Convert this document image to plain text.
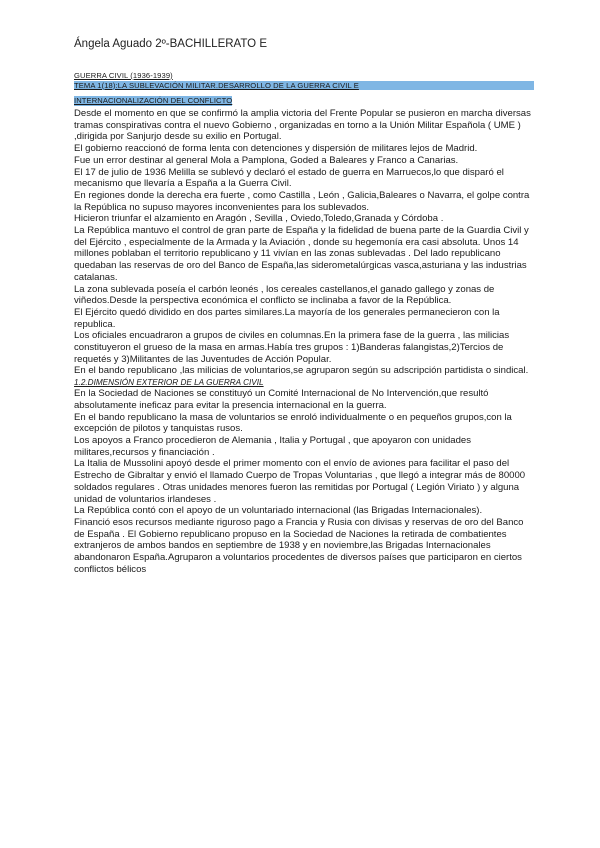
Ángela Aguado 2º-BACHILLERATO E
GUERRA CIVIL (1936-1939)
TEMA 1(18):LA SUBLEVACIÓN MILITAR.DESARROLLO DE LA GUERRA CIVIL E
INTERNACIONALIZACIÓN DEL CONFLICTO

Desde el momento en que se confirmó la amplia victoria del Frente Popular se pusieron en marcha diversas tramas conspirativas contra el nuevo Gobierno , organizadas en torno a la Unión Militar Española ( UME ) ,dirigida por Sanjurjo desde su exilio en Portugal.

El gobierno reaccionó de forma lenta con detenciones y dispersión de militares lejos de Madrid.

Fue un error destinar al general Mola a Pamplona, Goded a Baleares y Franco a Canarias.

El 17 de julio de 1936 Melilla se sublevó y declaró el estado de guerra en Marruecos,lo que disparó el mecanismo que llevaría a España a la Guerra Civil.

En regiones donde la derecha era fuerte , como Castilla , León , Galicia,Baleares o Navarra, el golpe contra la República no supuso mayores inconvenientes para los sublevados.

Hicieron triunfar el alzamiento en Aragón , Sevilla , Oviedo,Toledo,Granada y Córdoba .

La República mantuvo el control de gran parte de España y la fidelidad de buena parte de la Guardia Civil y del Ejército , especialmente de la Armada y la Aviación , donde su hegemonía era casi absoluta. Unos 14 millones poblaban el territorio republicano y 11 vivían en las zonas sublevadas . Del lado republicano quedaban las reservas de oro del Banco de España,las siderometalúrgicas vasca,asturiana y las industrias catalanas.

La zona sublevada poseía el carbón leonés , los cereales castellanos,el ganado gallego y zonas de viñedos.Desde la perspectiva económica el conflicto se inclinaba a favor de la República.

El Ejército quedó dividido en dos partes similares.La mayoría de los generales permanecieron con la republica.

Los oficiales encuadraron a grupos de civiles en columnas.En la primera fase de la guerra , las milicias constituyeron el grueso de la masa en armas.Había tres grupos : 1)Banderas falangistas,2)Tercios de requetés y 3)Militantes de las Juventudes de Acción Popular.

En el bando republicano ,las milicias de voluntarios,se agruparon según su adscripción partidista o sindical.

1.2.DIMENSIÓN EXTERIOR DE LA GUERRA CIVIL

En la Sociedad de Naciones se constituyó un Comité Internacional de No Intervención,que resultó absolutamente ineficaz para evitar la presencia internacional en la guerra.

En el bando republicano la masa de voluntarios se enroló individualmente o en pequeños grupos,con la excepción de pilotos y tanquistas rusos.

Los apoyos a Franco procedieron de Alemania , Italia y Portugal , que apoyaron con unidades militares,recursos y financiación .

La Italia de Mussolini apoyó desde el primer momento con el envío de aviones para facilitar el paso del Estrecho de Gibraltar y envió el llamado Cuerpo de Tropas Voluntarias , que llegó a integrar más de 80000 soldados regulares . Otras unidades menores fueron las remitidas por Portugal ( Legión Viriato ) y alguna unidad de voluntarios irlandeses .

La República contó con el apoyo de un voluntariado internacional (las Brigadas Internacionales).

Financió esos recursos mediante riguroso pago a Francia y Rusia con divisas y reservas de oro del Banco de España . El Gobierno republicano propuso en la Sociedad de Naciones la retirada de combatientes extranjeros de ambos bandos en septiembre de 1938 y en noviembre,las Brigadas Internacionales abandonaron España.Agruparon a voluntarios procedentes de diversos países que participaron en ciertos conflictos bélicos
